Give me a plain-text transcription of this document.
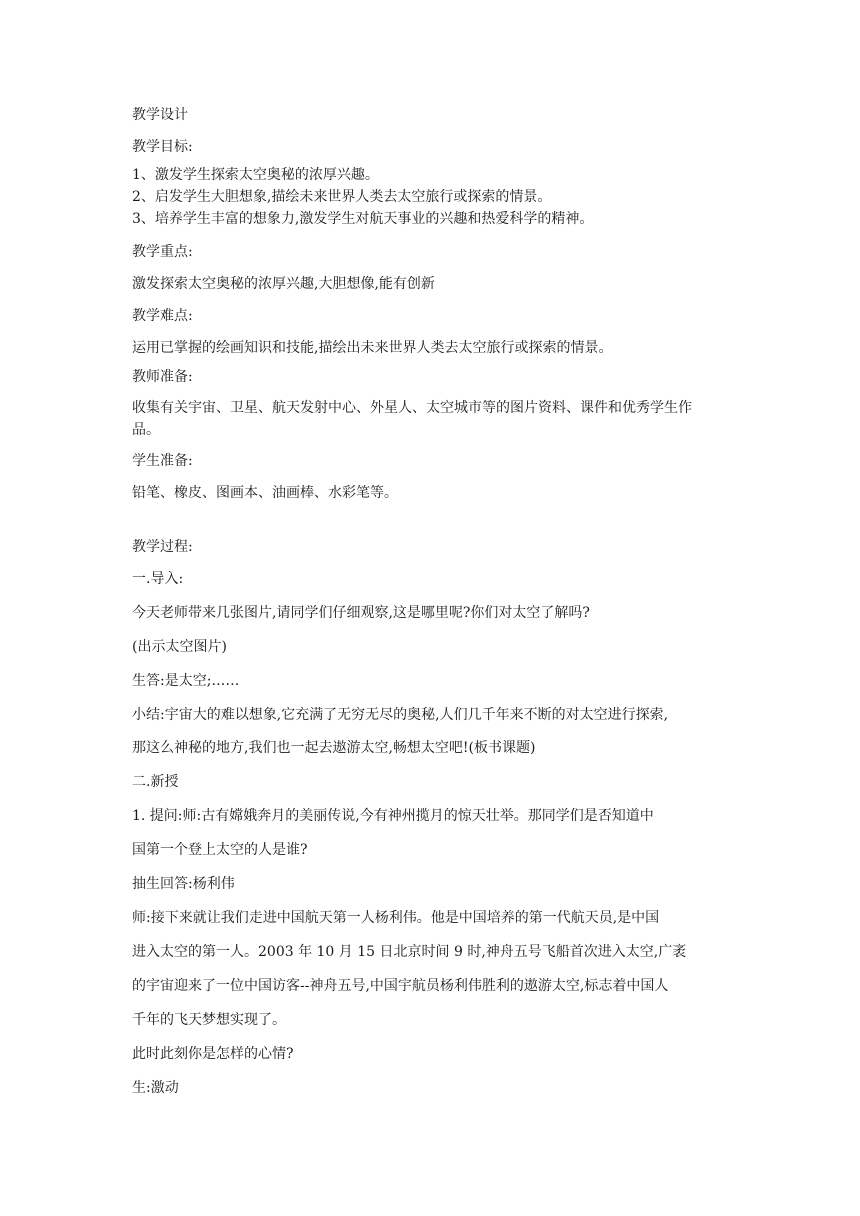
教学设计
教学目标:
1、激发学生探索太空奥秘的浓厚兴趣。
2、启发学生大胆想象,描绘未来世界人类去太空旅行或探索的情景。
3、培养学生丰富的想象力,激发学生对航天事业的兴趣和热爱科学的精神。
教学重点:
激发探索太空奥秘的浓厚兴趣,大胆想像,能有创新
教学难点:
运用已掌握的绘画知识和技能,描绘出未来世界人类去太空旅行或探索的情景。
教师准备:
收集有关宇宙、卫星、航天发射中心、外星人、太空城市等的图片资料、课件和优秀学生作
品。
学生准备:
铅笔、橡皮、图画本、油画棒、水彩笔等。
教学过程:
一.导入:
今天老师带来几张图片,请同学们仔细观察,这是哪里呢?你们对太空了解吗?
(出示太空图片)
生答:是太空;……
小结:宇宙大的难以想象,它充满了无穷无尽的奥秘,人们几千年来不断的对太空进行探索,
那这么神秘的地方,我们也一起去遨游太空,畅想太空吧!(板书课题)
二.新授
1. 提问:师:古有嫦娥奔月的美丽传说,今有神州揽月的惊天壮举。那同学们是否知道中
国第一个登上太空的人是谁?
抽生回答:杨利伟
师:接下来就让我们走进中国航天第一人杨利伟。他是中国培养的第一代航天员,是中国
进入太空的第一人。2003 年 10 月 15 日北京时间 9 时,神舟五号飞船首次进入太空,广袤
的宇宙迎来了一位中国访客--神舟五号,中国宇航员杨利伟胜利的遨游太空,标志着中国人
千年的飞天梦想实现了。
此时此刻你是怎样的心情?
生:激动
